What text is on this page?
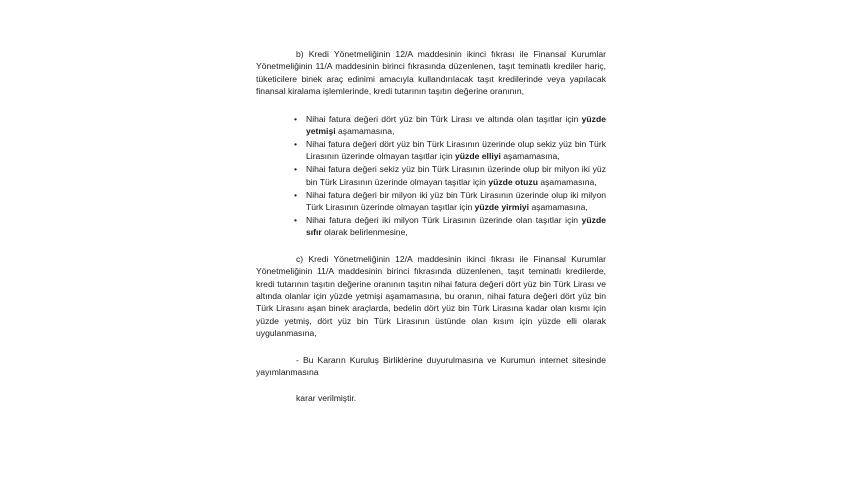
b) Kredi Yönetmeliğinin 12/A maddesinin ikinci fıkrası ile Finansal Kurumlar Yönetmeliğinin 11/A maddesinin birinci fıkrasında düzenlenen, taşıt teminatlı krediler hariç, tüketicilere binek araç edinimi amacıyla kullandırılacak taşıt kredilerinde veya yapılacak finansal kiralama işlemlerinde, kredi tutarının taşıtın değerine oranının,

• Nihai fatura değeri dört yüz bin Türk Lirası ve altında olan taşıtlar için yüzde yetmişi aşamamasına,
• Nihai fatura değeri dört yüz bin Türk Lirasının üzerinde olup sekiz yüz bin Türk Lirasının üzerinde olmayan taşıtlar için yüzde elliyi aşamamasına,
• Nihai fatura değeri sekiz yüz bin Türk Lirasının üzerinde olup bir milyon iki yüz bin Türk Lirasının üzerinde olmayan taşıtlar için yüzde otuzu aşamamasına,
• Nihai fatura değeri bir milyon iki yüz bin Türk Lirasının üzerinde olup iki milyon Türk Lirasının üzerinde olmayan taşıtlar için yüzde yirmiyi aşamamasına,
• Nihai fatura değeri iki milyon Türk Lirasının üzerinde olan taşıtlar için yüzde sıfır olarak belirlenmesine,

c) Kredi Yönetmeliğinin 12/A maddesinin ikinci fıkrası ile Finansal Kurumlar Yönetmeliğinin 11/A maddesinin birinci fıkrasında düzenlenen, taşıt teminatlı kredilerde, kredi tutarının taşıtın değerine oranının taşıtın nihai fatura değeri dört yüz bin Türk Lirası ve altında olanlar için yüzde yetmişi aşamamasına, bu oranın, nihai fatura değeri dört yüz bin Türk Lirasını aşan binek araçlarda, bedelin dört yüz bin Türk Lirasına kadar olan kısmı için yüzde yetmiş, dört yüz bin Türk Lirasının üstünde olan kısım için yüzde elli olarak uygulanmasına,

- Bu Kararın Kuruluş Birliklerine duyurulmasına ve Kurumun internet sitesinde yayımlanmasına

karar verilmiştir.
